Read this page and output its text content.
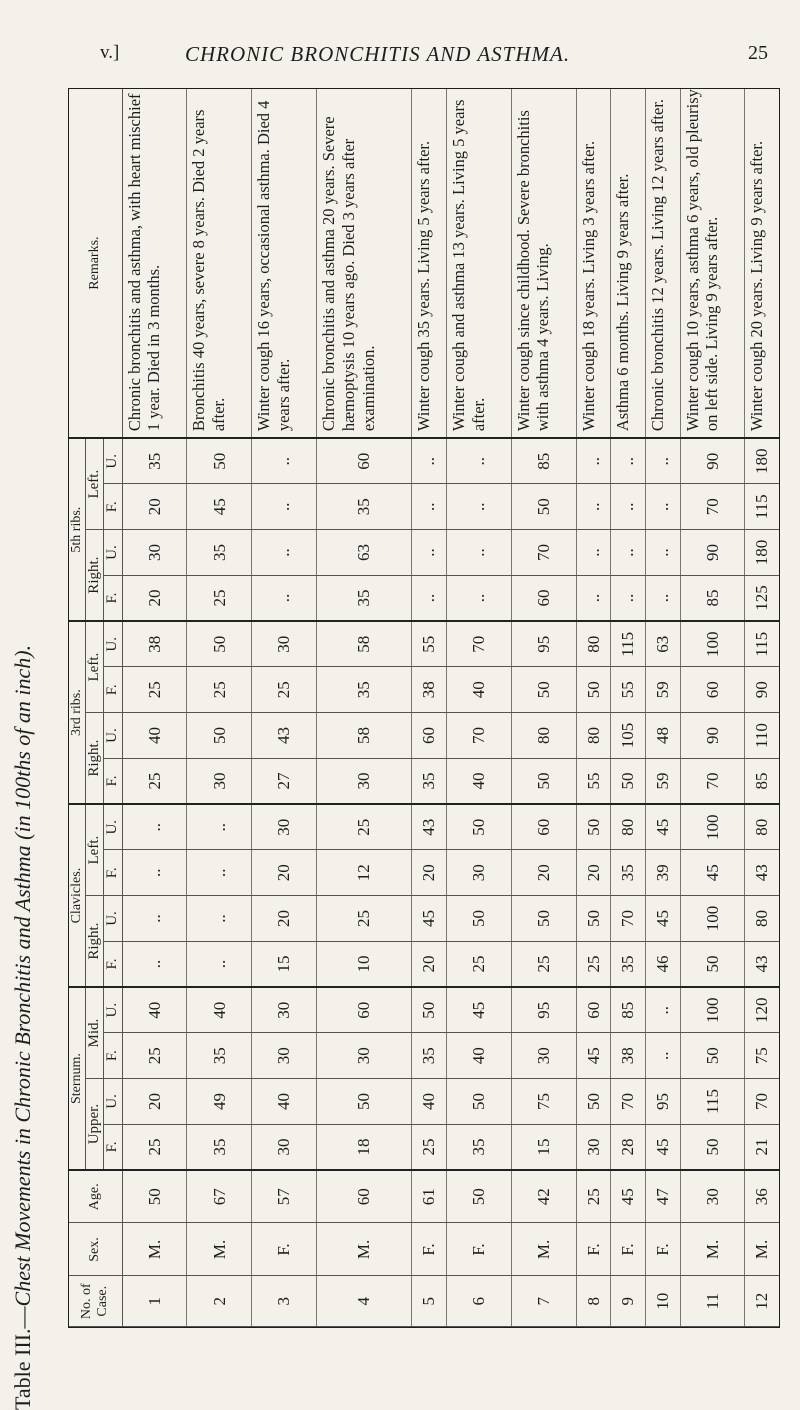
v.]	CHRONIC BRONCHITIS AND ASTHMA.	25
Table III.—Chest Movements in Chronic Bronchitis and Asthma (in 100ths of an inch).
No. of Case.	Sex.	Age.	Sternum.				Clavicles.				3rd ribs.				5th ribs.				Remarks.
			Upper.		Mid.		Right.		Left.		Right.		Left.		Right.		Left.		
			F.	U.	F.	U.	F.	U.	F.	U.	F.	U.	F.	U.	F.	U.	F.	U.	
1	M.	50	25	20	25	40	..	..	..	..	25	40	25	38	20	30	20	35	Chronic bronchitis and asthma, with heart mischief 1 year. Died in 3 months.
2	M.	67	35	49	35	40	..	..	..	..	30	50	25	50	25	35	45	50	Bronchitis 40 years, severe 8 years. Died 2 years after.
3	F.	57	30	40	30	30	15	20	20	30	27	43	25	30	..	..	..	..	Winter cough 16 years, occasional asthma. Died 4 years after.
4	M.	60	18	50	30	60	10	25	12	25	30	58	35	58	35	63	35	60	Chronic bronchitis and asthma 20 years. Severe hæmoptysis 10 years ago. Died 3 years after examination.
5	F.	61	25	40	35	50	20	45	20	43	35	60	38	55	..	..	..	..	Winter cough 35 years. Living 5 years after.
6	F.	50	35	50	40	45	25	50	30	50	40	70	40	70	..	..	..	..	Winter cough and asthma 13 years. Living 5 years after.
7	M.	42	15	75	30	95	25	50	20	60	50	80	50	95	60	70	50	85	Winter cough since childhood. Severe bronchitis with asthma 4 years. Living.
8	F.	25	30	50	45	60	25	50	20	50	55	80	50	80	..	..	..	..	Winter cough 18 years. Living 3 years after.
9	F.	45	28	70	38	85	35	70	35	80	50	105	55	115	..	..	..	..	Asthma 6 months. Living 9 years after.
10	F.	47	45	95	..	..	46	45	39	45	59	48	59	63	..	..	..	..	Chronic bronchitis 12 years. Living 12 years after.
11	M.	30	50	115	50	100	50	100	45	100	70	90	60	100	85	90	70	90	Winter cough 10 years, asthma 6 years, old pleurisy on left side. Living 9 years after.
12	M.	36	21	70	75	120	43	80	43	80	85	110	90	115	125	180	115	180	Winter cough 20 years. Living 9 years after.
